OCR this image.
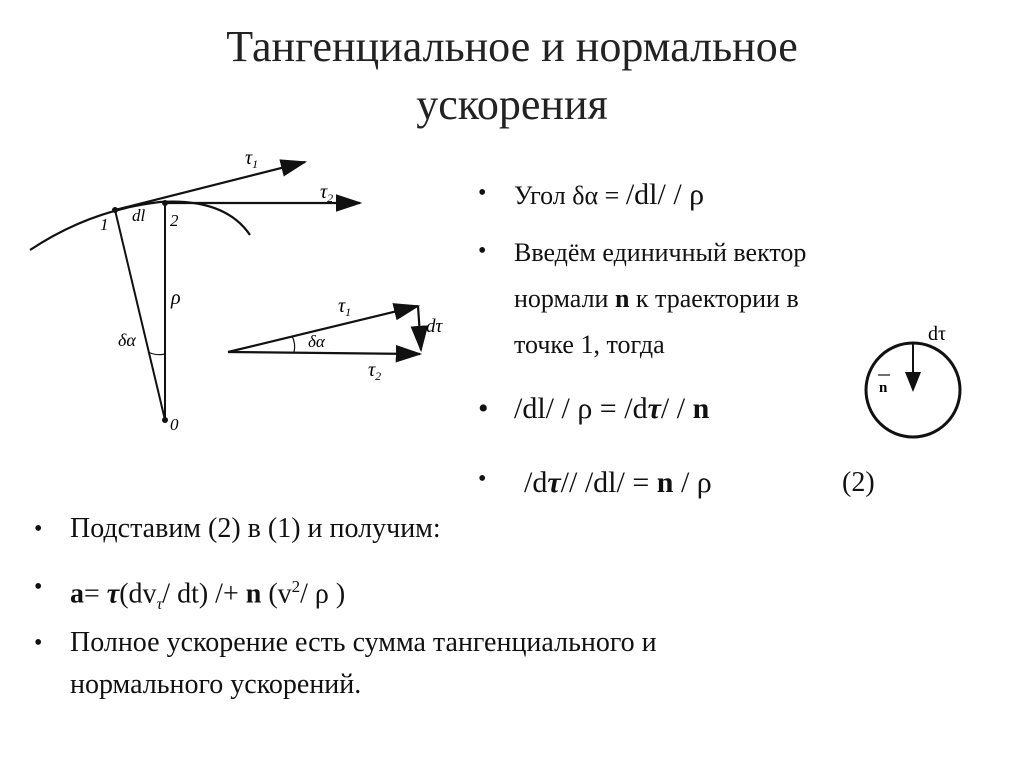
Тангенциальное и нормальное
ускорения
$\tau_1$
$\tau_2$
1	2
dl
ρ
δα
0
$\tau_1$
$\tau_2$
δα
dτ	dτ
n
• Угол δα = /dl/ / ρ
• Введём единичный вектор
нормали n к траектории в
точке 1, тогда
• /dl/ / ρ = /dτ/ / n
• /dτ// /dl/ = n / ρ	(2)
• Подставим (2) в (1) и получим:
• $a= \tau(dv_\tau/$ dt) /+ n ($v^2/$ ρ )
• Полное ускорение есть сумма тангенциального и
нормального ускорений.
